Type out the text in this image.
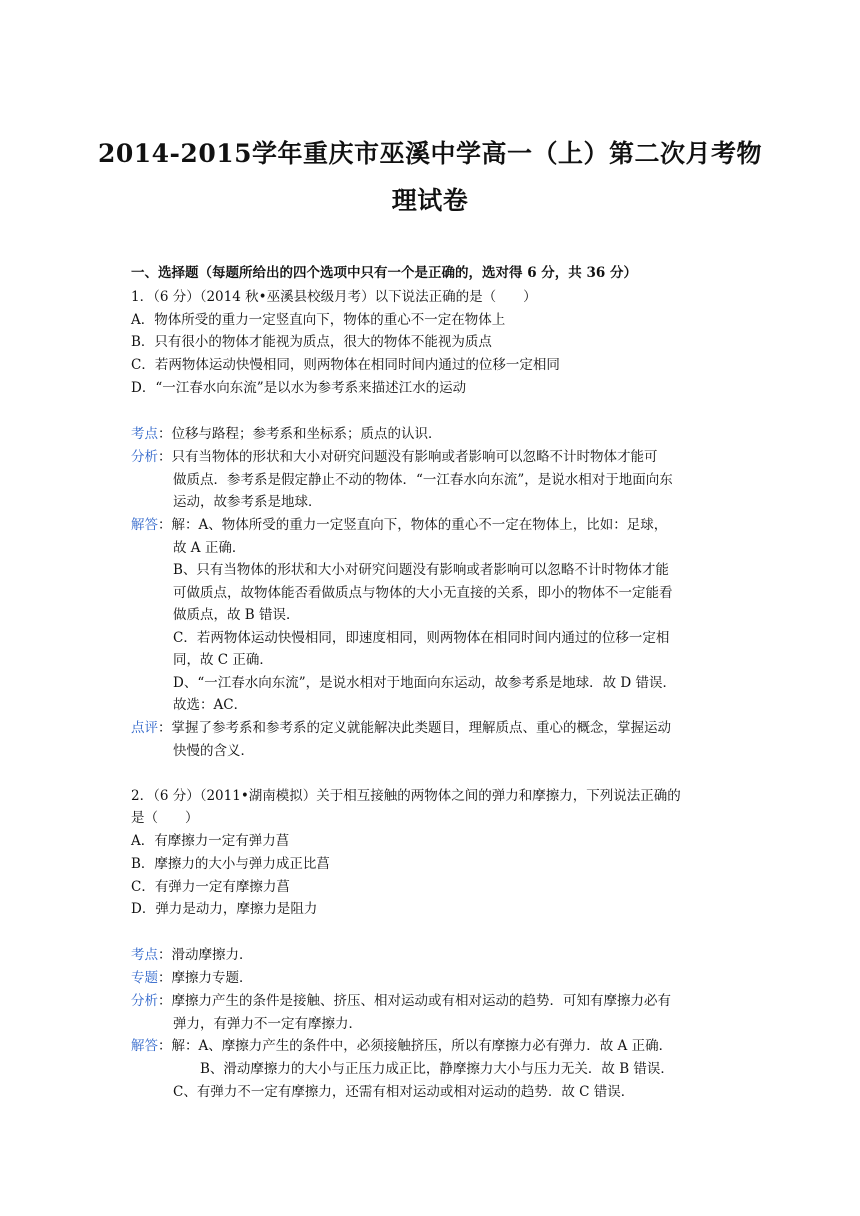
2014-2015学年重庆市巫溪中学高一（上）第二次月考物
理试卷
一、选择题（每题所给出的四个选项中只有一个是正确的，选对得 6 分，共 36 分）
1．（6 分）（2014 秋•巫溪县校级月考）以下说法正确的是（　　）
A．物体所受的重力一定竖直向下，物体的重心不一定在物体上
B．只有很小的物体才能视为质点，很大的物体不能视为质点
C．若两物体运动快慢相同，则两物体在相同时间内通过的位移一定相同
D．“一江春水向东流”是以水为参考系来描述江水的运动
考点：位移与路程；参考系和坐标系；质点的认识．
分析：只有当物体的形状和大小对研究问题没有影响或者影响可以忽略不计时物体才能可
做质点．参考系是假定静止不动的物体．“一江春水向东流”，是说水相对于地面向东
运动，故参考系是地球．
解答：解：A、物体所受的重力一定竖直向下，物体的重心不一定在物体上，比如：足球，
故 A 正确．
B、只有当物体的形状和大小对研究问题没有影响或者影响可以忽略不计时物体才能
可做质点，故物体能否看做质点与物体的大小无直接的关系，即小的物体不一定能看
做质点，故 B 错误．
C．若两物体运动快慢相同，即速度相同，则两物体在相同时间内通过的位移一定相
同，故 C 正确．
D、“一江春水向东流”，是说水相对于地面向东运动，故参考系是地球．故 D 错误．
故选：AC．
点评：掌握了参考系和参考系的定义就能解决此类题目，理解质点、重心的概念，掌握运动
快慢的含义．
2．（6 分）（2011•湖南模拟）关于相互接触的两物体之间的弹力和摩擦力，下列说法正确的
是（　　）
A．有摩擦力一定有弹力菖
B．摩擦力的大小与弹力成正比菖
C．有弹力一定有摩擦力菖
D．弹力是动力，摩擦力是阻力
考点：滑动摩擦力．
专题：摩擦力专题．
分析：摩擦力产生的条件是接触、挤压、相对运动或有相对运动的趋势．可知有摩擦力必有
弹力，有弹力不一定有摩擦力．
解答：解：A、摩擦力产生的条件中，必须接触挤压，所以有摩擦力必有弹力．故 A 正确．
B、滑动摩擦力的大小与正压力成正比，静摩擦力大小与压力无关．故 B 错误．
C、有弹力不一定有摩擦力，还需有相对运动或相对运动的趋势．故 C 错误．
